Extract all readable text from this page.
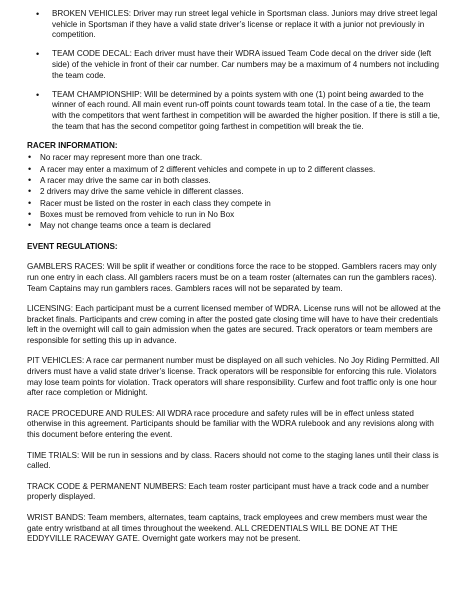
• BROKEN VEHICLES: Driver may run street legal vehicle in Sportsman class. Juniors may drive street legal vehicle in Sportsman if they have a valid state driver’s license or replace it with a junior not previously in competition.
• TEAM CODE DECAL: Each driver must have their WDRA issued Team Code decal on the driver side (left side) of the vehicle in front of their car number. Car numbers may be a maximum of 4 numbers not including the team code.
• TEAM CHAMPIONSHIP: Will be determined by a points system with one (1) point being awarded to the winner of each round. All main event run-off points count towards team total. In the case of a tie, the team with the competitors that went farthest in competition will be awarded the higher position. If there is still a tie, the team that has the second competitor going farthest in competition will break the tie.

RACER INFORMATION:

• No racer may represent more than one track.
• A racer may enter a maximum of 2 different vehicles and compete in up to 2 different classes.
• A racer may drive the same car in both classes.
• 2 drivers may drive the same vehicle in different classes.
• Racer must be listed on the roster in each class they compete in
• Boxes must be removed from vehicle to run in No Box
• May not change teams once a team is declared

EVENT REGULATIONS:

GAMBLERS RACES: Will be split if weather or conditions force the race to be stopped. Gamblers racers may only run one entry in each class. All gamblers racers must be on a team roster (alternates can run the gamblers races). Team Captains may run gamblers races. Gamblers races will not be separated by team.

LICENSING: Each participant must be a current licensed member of WDRA. License runs will not be allowed at the bracket finals. Participants and crew coming in after the posted gate closing time will have to have their credentials left in the overnight will call to gain admission when the gates are secured. Track operators or team members are responsible for setting this up in advance.

PIT VEHICLES: A race car permanent number must be displayed on all such vehicles. No Joy Riding Permitted. All drivers must have a valid state driver’s license. Track operators will be responsible for enforcing this rule. Violators may lose team points for violation. Track operators will share responsibility. Curfew and foot traffic only is one hour after race completion or Midnight.

RACE PROCEDURE AND RULES: All WDRA race procedure and safety rules will be in effect unless stated otherwise in this agreement. Participants should be familiar with the WDRA rulebook and any revisions along with this document before entering the event.

TIME TRIALS: Will be run in sessions and by class. Racers should not come to the staging lanes until their class is called.

TRACK CODE & PERMANENT NUMBERS: Each team roster participant must have a track code and a number properly displayed.

WRIST BANDS: Team members, alternates, team captains, track employees and crew members must wear the gate entry wristband at all times throughout the weekend. ALL CREDENTIALS WILL BE DONE AT THE EDDYVILLE RACEWAY GATE. Overnight gate workers may not be present.
